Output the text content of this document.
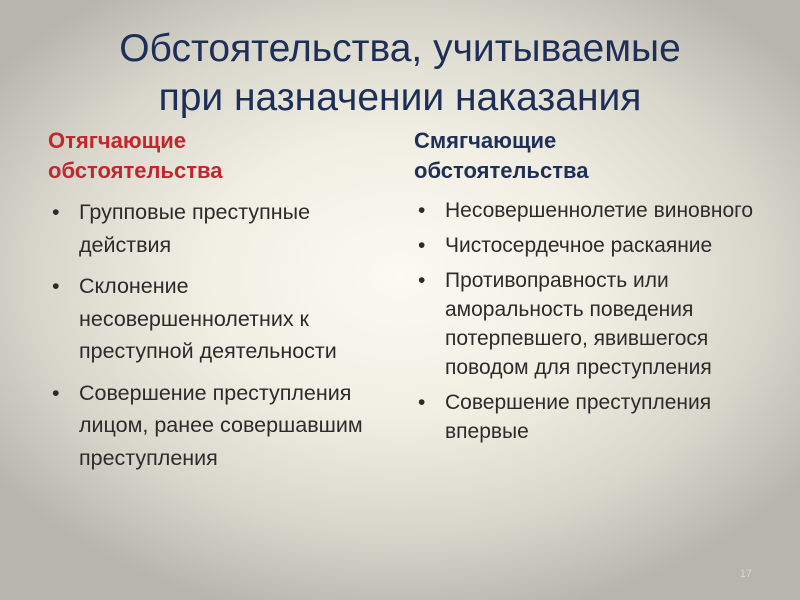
Обстоятельства, учитываемые
при назначении наказания
Отягчающие
обстоятельства
• Групповые преступные действия
• Склонение несовершеннолетних к преступной деятельности
• Совершение преступления лицом, ранее совершавшим преступления
Смягчающие
обстоятельства
• Несовершеннолетие виновного
• Чистосердечное раскаяние
• Противоправность или аморальность поведения потерпевшего, явившегося поводом для преступления
• Совершение преступления впервые
17
